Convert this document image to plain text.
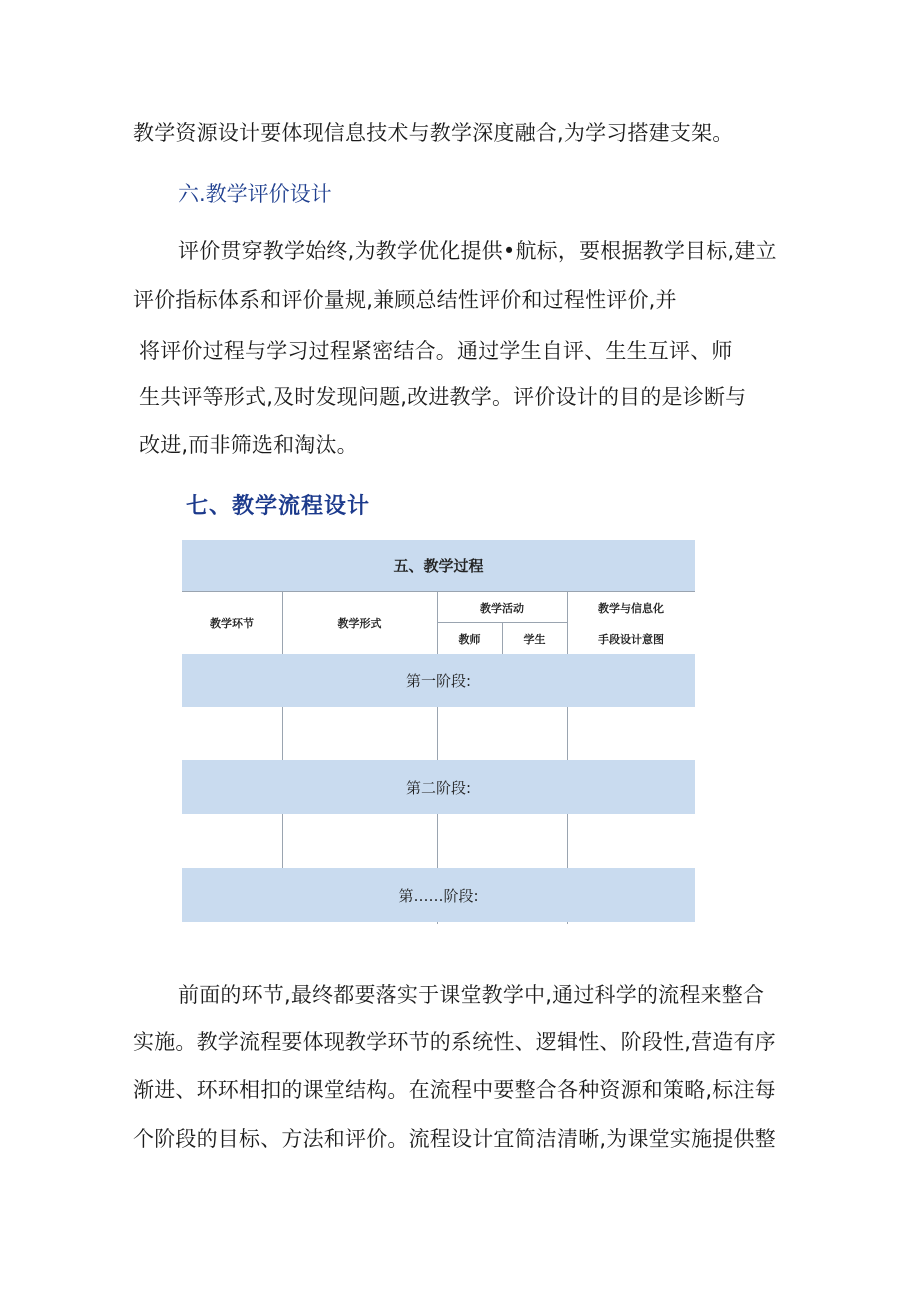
教学资源设计要体现信息技术与教学深度融合,为学习搭建支架。
六.教学评价设计
评价贯穿教学始终,为教学优化提供•航标，要根据教学目标,建立
评价指标体系和评价量规,兼顾总结性评价和过程性评价,并
将评价过程与学习过程紧密结合。通过学生自评、生生互评、师
生共评等形式,及时发现问题,改进教学。评价设计的目的是诊断与
改进,而非筛选和淘汰。
七、教学流程设计
五、教学过程
教学环节	教学形式
教学活动
教师	学生
教学与信息化
手段设计意图
第一阶段:
第二阶段:
第……阶段:
前面的环节,最终都要落实于课堂教学中,通过科学的流程来整合
实施。教学流程要体现教学环节的系统性、逻辑性、阶段性,营造有序
渐进、环环相扣的课堂结构。在流程中要整合各种资源和策略,标注每
个阶段的目标、方法和评价。流程设计宜简洁清晰,为课堂实施提供整
